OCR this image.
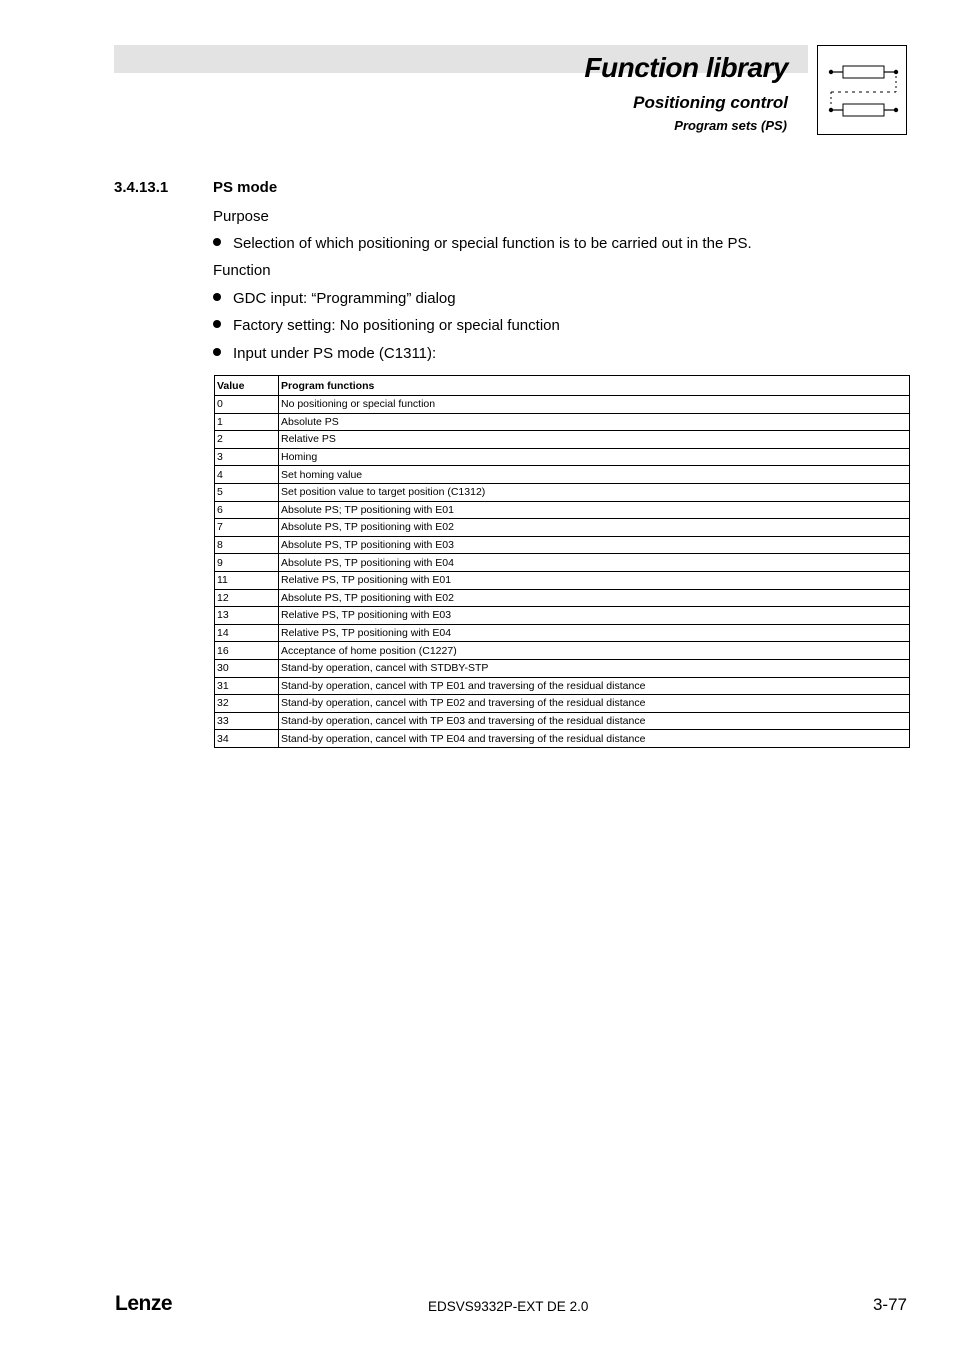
Function library
Positioning control
Program sets (PS)
3.4.13.1	PS mode
Purpose
Selection of which positioning or special function is to be carried out in the PS.
Function
GDC input: “Programming” dialog
Factory setting: No positioning or special function
Input under PS mode (C1311):
Value	Program functions
0	No positioning or special function
1	Absolute PS
2	Relative PS
3	Homing
4	Set homing value
5	Set position value to target position (C1312)
6	Absolute PS; TP positioning with E01
7	Absolute PS, TP positioning with E02
8	Absolute PS, TP positioning with E03
9	Absolute PS, TP positioning with E04
11	Relative PS, TP positioning with E01
12	Absolute PS, TP positioning with E02
13	Relative PS, TP positioning with E03
14	Relative PS, TP positioning with E04
16	Acceptance of home position (C1227)
30	Stand-by operation, cancel with STDBY-STP
31	Stand-by operation, cancel with TP E01 and traversing of the residual distance
32	Stand-by operation, cancel with TP E02 and traversing of the residual distance
33	Stand-by operation, cancel with TP E03 and traversing of the residual distance
34	Stand-by operation, cancel with TP E04 and traversing of the residual distance
Lenze	EDSVS9332P-EXT DE 2.0	3-77
